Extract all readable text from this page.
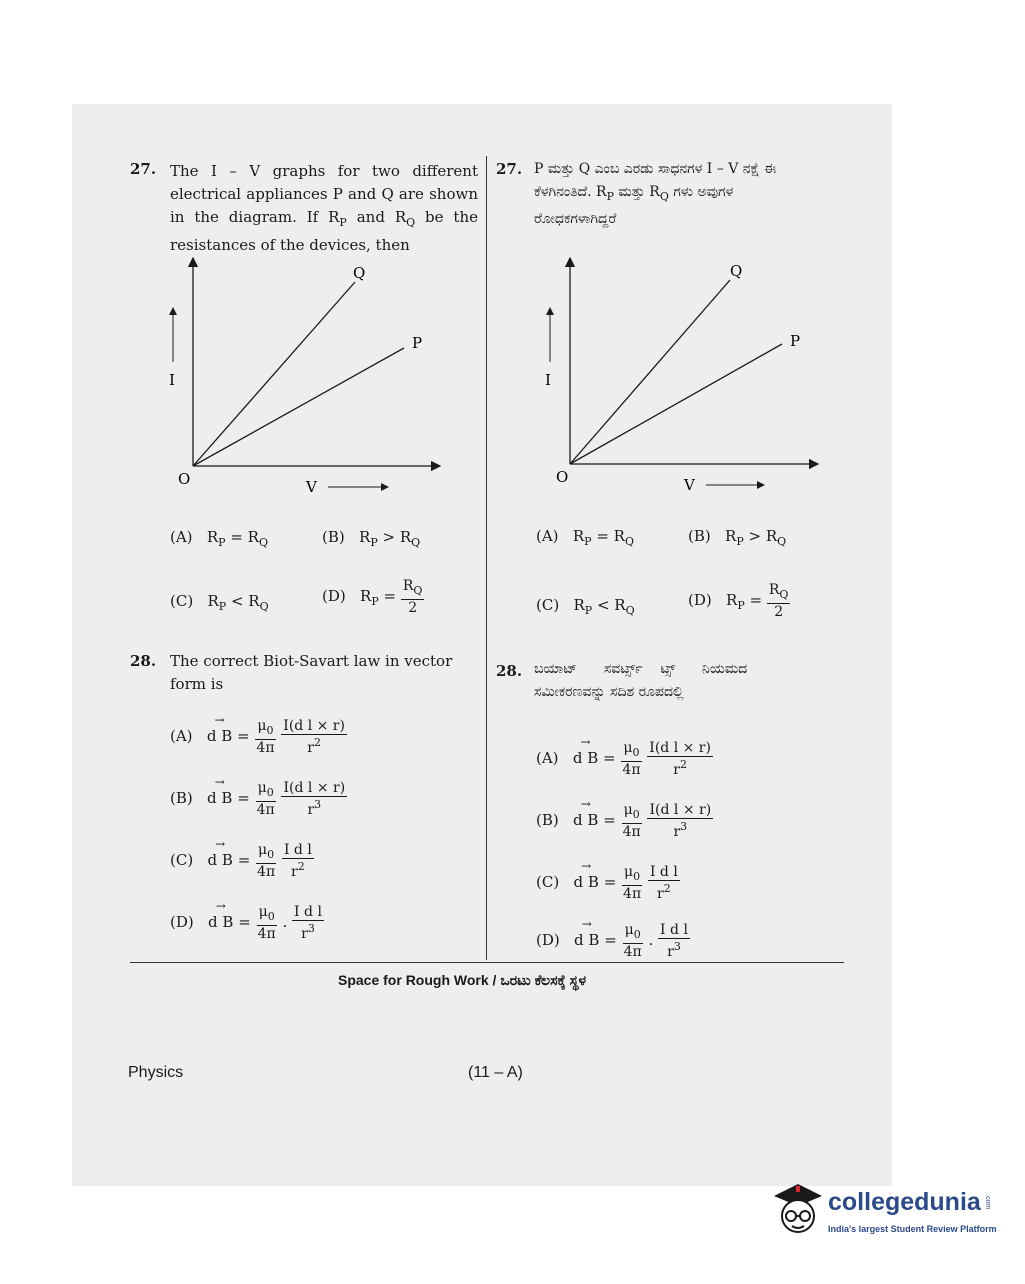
27. The I – V graphs for two different electrical appliances P and Q are shown in the diagram. If $R_P$ and $R_Q$ be the resistances of the devices, then
I
V
O
Q
P
(A) $R_P = R_Q$	(B) $R_P > R_Q$
(C) $R_P < R_Q$
(D) $R_P = \frac{R_Q}{2}$
28. The correct Biot-Savart law in vector
form is
(A) → d $B = \frac{\mu_0}{4\pi}$
$\frac{\text{I(d l × r)}}{r^2}$
(B) → d $B = \frac{\mu_0}{4\pi}$
$\frac{\text{I(d l × r)}}{r^3}$
(C) → d $B = \frac{\mu_0}{4\pi}$
$\frac{\text{I d l}}{r^2}$
(D) → d $B = \frac{\mu_0}{4\pi}$ . $\frac{\text{I d l}}{r^3}$
27. P ಮತ್ತು Q ಎಂಬ ಎರಡು ಸಾಧನಗಳ I – V ನಕ್ಷೆ ಈ
ಕೆಳಗಿನಂತಿದೆ. $R_P$ ಮತ್ತು $R_Q$ ಗಳು ಅವುಗಳ
ರೋಧಕಗಳಾಗಿದ್ದರೆ
I
V
O
Q
P
(A) $R_P = R_Q$	(B) $R_P > R_Q$
(C) $R_P < R_Q$
(D) $R_P = \frac{R_Q}{2}$
28. ಬಯಾಟ್      ಸವರ್ಟ್ಸ್    ಟ್ಸ್      ನಿಯಮದ
ಸಮೀಕರಣವನ್ನು ಸದಿಶ ರೂಪದಲ್ಲಿ
(A) → d $B = \frac{\mu_0}{4\pi}$
$\frac{\text{I(d l × r)}}{r^2}$
(B) → d $B = \frac{\mu_0}{4\pi}$
$\frac{\text{I(d l × r)}}{r^3}$
(C) → d $B = \frac{\mu_0}{4\pi}$
$\frac{\text{I d l}}{r^2}$
(D) → d $B = \frac{\mu_0}{4\pi}$ . $\frac{\text{I d l}}{r^3}$
Space for Rough Work / ಒರಟು ಕೆಲಸಕ್ಕೆ ಸ್ಥಳ
Physics	(11 – A)
collegedunia .com
India's largest Student Review Platform
